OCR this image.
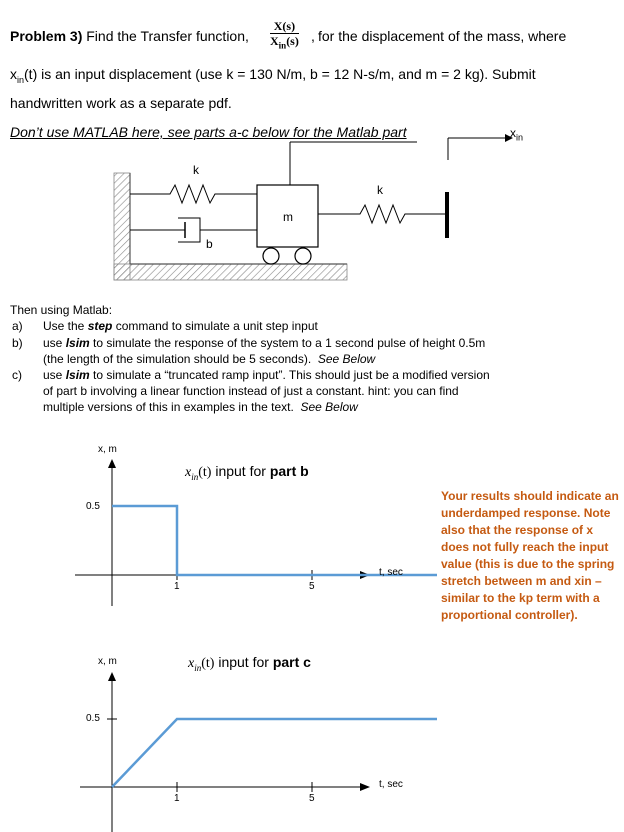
Problem 3) Find the Transfer function,
X(s)
$X_{in}(s)$ , for the displacement of the mass, where
$x_{in}(t)$ is an input displacement (use k = 130 N/m, b = 12 N-s/m, and m = 2 kg). Submit
handwritten work as a separate pdf.
Don’t use MATLAB here, see parts a-c below for the Matlab part
k
k
m
b
$x_{in}$
Then using Matlab:
a) Use the step command to simulate a unit step input
b) use lsim to simulate the response of the system to a 1 second pulse of height 0.5m
(the length of the simulation should be 5 seconds). See Below
c) use lsim to simulate a “truncated ramp input”. This should just be a modified version
of part b involving a linear function instead of just a constant. hint: you can find
multiple versions of this in examples in the text. See Below
x, m
0.5
1	5
t, sec
$x_{in}(t)$ input for part b
x, m
0.5
1	5
t, sec
$x_{in}(t)$ input for part c
Your results should indicate an underdamped response. Note also that the response of x does not fully reach the input value (this is due to the spring stretch between m and xin – similar to the kp term with a proportional controller).
